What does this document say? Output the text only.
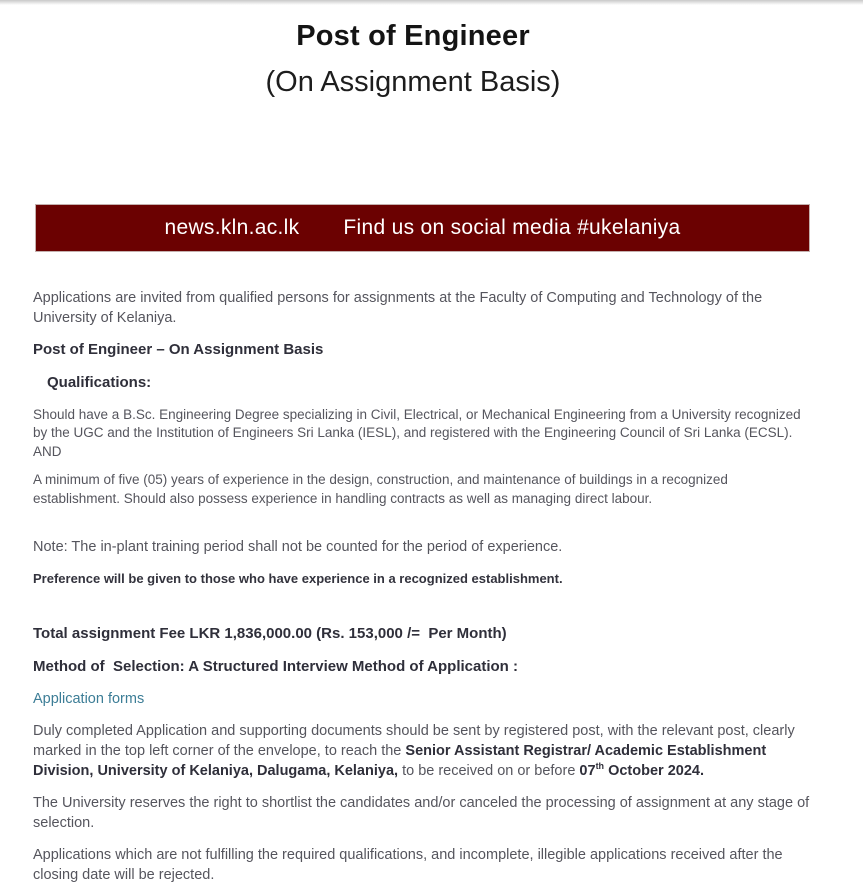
Post of Engineer
(On Assignment Basis)
news.kln.ac.lk Find us on social media #ukelaniya

Applications are invited from qualified persons for assignments at the Faculty of Computing and Technology of the University of Kelaniya.

Post of Engineer – On Assignment Basis

Qualifications:

Should have a B.Sc. Engineering Degree specializing in Civil, Electrical, or Mechanical Engineering from a University recognized by the UGC and the Institution of Engineers Sri Lanka (IESL), and registered with the Engineering Council of Sri Lanka (ECSL).

AND

A minimum of five (05) years of experience in the design, construction, and maintenance of buildings in a recognized establishment. Should also possess experience in handling contracts as well as managing direct labour.

Note: The in-plant training period shall not be counted for the period of experience.

Preference will be given to those who have experience in a recognized establishment.

Total assignment Fee LKR 1,836,000.00 (Rs. 153,000 /=  Per Month)

Method of  Selection: A Structured Interview Method of Application :

Application forms

Duly completed Application and supporting documents should be sent by registered post, with the relevant post, clearly marked in the top left corner of the envelope, to reach the Senior Assistant Registrar/ Academic Establishment Division, University of Kelaniya, Dalugama, Kelaniya, to be received on or before 07th October 2024.

The University reserves the right to shortlist the candidates and/or canceled the processing of assignment at any stage of selection.

Applications which are not fulfilling the required qualifications, and incomplete, illegible applications received after the closing date will be rejected.
